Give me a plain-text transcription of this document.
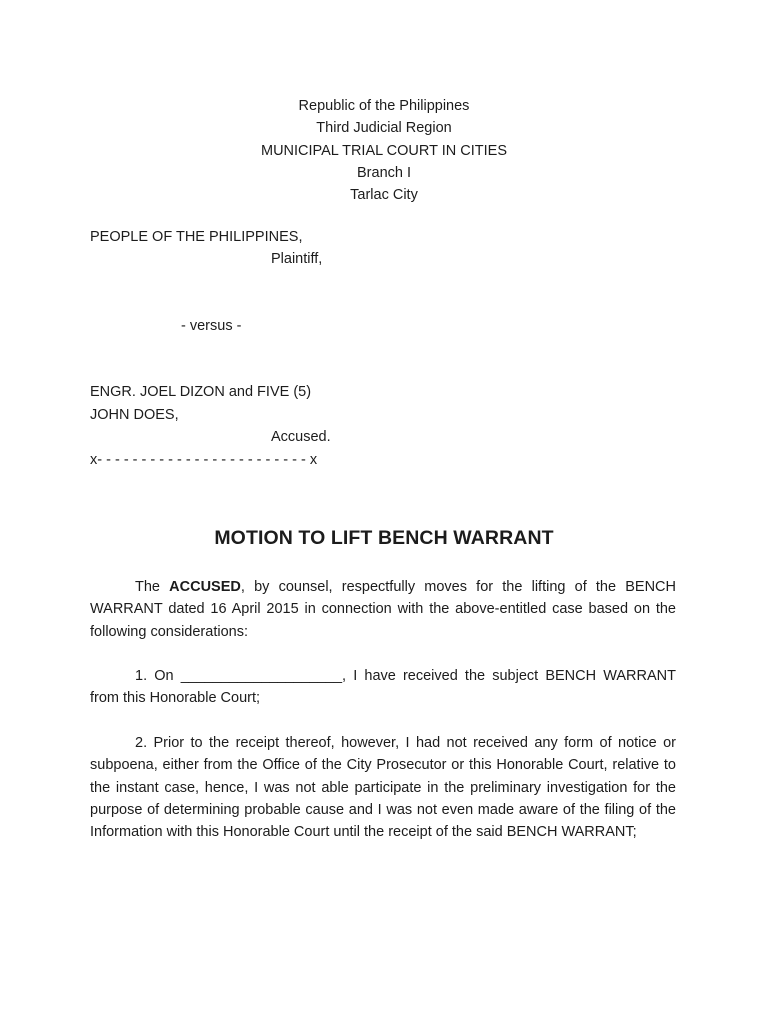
Republic of the Philippines
Third Judicial Region
MUNICIPAL TRIAL COURT IN CITIES
Branch I
Tarlac City
PEOPLE OF THE PHILIPPINES,
Plaintiff,
- versus -
ENGR. JOEL DIZON and FIVE (5)
JOHN DOES,
Accused.
x- - - - - - - - - - - - - - - - - - - - - - - - x
MOTION TO LIFT BENCH WARRANT

The ACCUSED, by counsel, respectfully moves for the lifting of the BENCH WARRANT dated 16 April 2015 in connection with the above-entitled case based on the following considerations:

1. On ____________________, I have received the subject BENCH WARRANT from this Honorable Court;

2. Prior to the receipt thereof, however, I had not received any form of notice or subpoena, either from the Office of the City Prosecutor or this Honorable Court, relative to the instant case, hence, I was not able participate in the preliminary investigation for the purpose of determining probable cause and I was not even made aware of the filing of the Information with this Honorable Court until the receipt of the said BENCH WARRANT;
